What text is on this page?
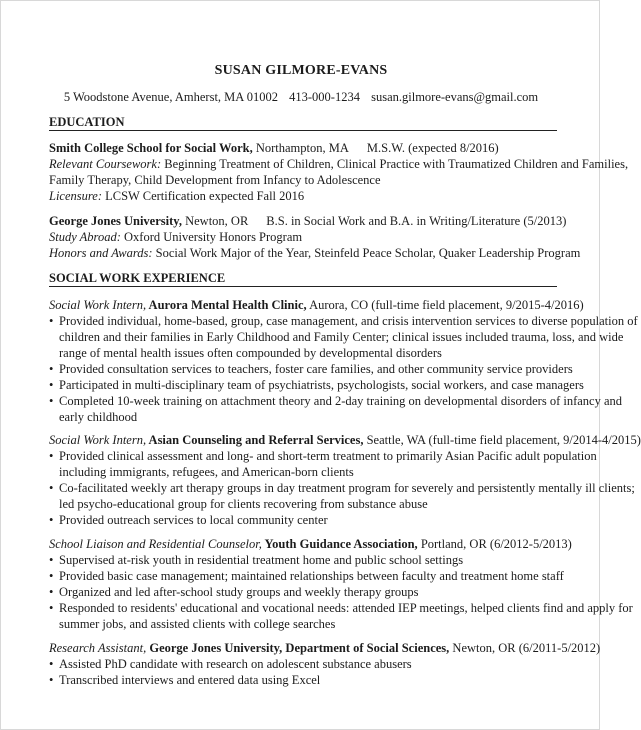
SUSAN GILMORE-EVANS
5 Woodstone Avenue, Amherst, MA 01002 413-000-1234 susan.gilmore-evans@gmail.com
EDUCATION
Smith College School for Social Work, Northampton, MA M.S.W. (expected 8/2016)
Relevant Coursework: Beginning Treatment of Children, Clinical Practice with Traumatized Children and Families,
Family Therapy, Child Development from Infancy to Adolescence
Licensure: LCSW Certification expected Fall 2016
George Jones University, Newton, OR B.S. in Social Work and B.A. in Writing/Literature (5/2013)
Study Abroad: Oxford University Honors Program
Honors and Awards: Social Work Major of the Year, Steinfeld Peace Scholar, Quaker Leadership Program
SOCIAL WORK EXPERIENCE
Social Work Intern, Aurora Mental Health Clinic, Aurora, CO (full-time field placement, 9/2015-4/2016)
• Provided individual, home-based, group, case management, and crisis intervention services to diverse population of
children and their families in Early Childhood and Family Center; clinical issues included trauma, loss, and wide
range of mental health issues often compounded by developmental disorders
• Provided consultation services to teachers, foster care families, and other community service providers
• Participated in multi-disciplinary team of psychiatrists, psychologists, social workers, and case managers
• Completed 10-week training on attachment theory and 2-day training on developmental disorders of infancy and
early childhood
Social Work Intern, Asian Counseling and Referral Services, Seattle, WA (full-time field placement, 9/2014-4/2015)
• Provided clinical assessment and long- and short-term treatment to primarily Asian Pacific adult population
including immigrants, refugees, and American-born clients
• Co-facilitated weekly art therapy groups in day treatment program for severely and persistently mentally ill clients;
led psycho-educational group for clients recovering from substance abuse
• Provided outreach services to local community center
School Liaison and Residential Counselor, Youth Guidance Association, Portland, OR (6/2012-5/2013)
• Supervised at-risk youth in residential treatment home and public school settings
• Provided basic case management; maintained relationships between faculty and treatment home staff
• Organized and led after-school study groups and weekly therapy groups
• Responded to residents' educational and vocational needs: attended IEP meetings, helped clients find and apply for
summer jobs, and assisted clients with college searches
Research Assistant, George Jones University, Department of Social Sciences, Newton, OR (6/2011-5/2012)
• Assisted PhD candidate with research on adolescent substance abusers
• Transcribed interviews and entered data using Excel
